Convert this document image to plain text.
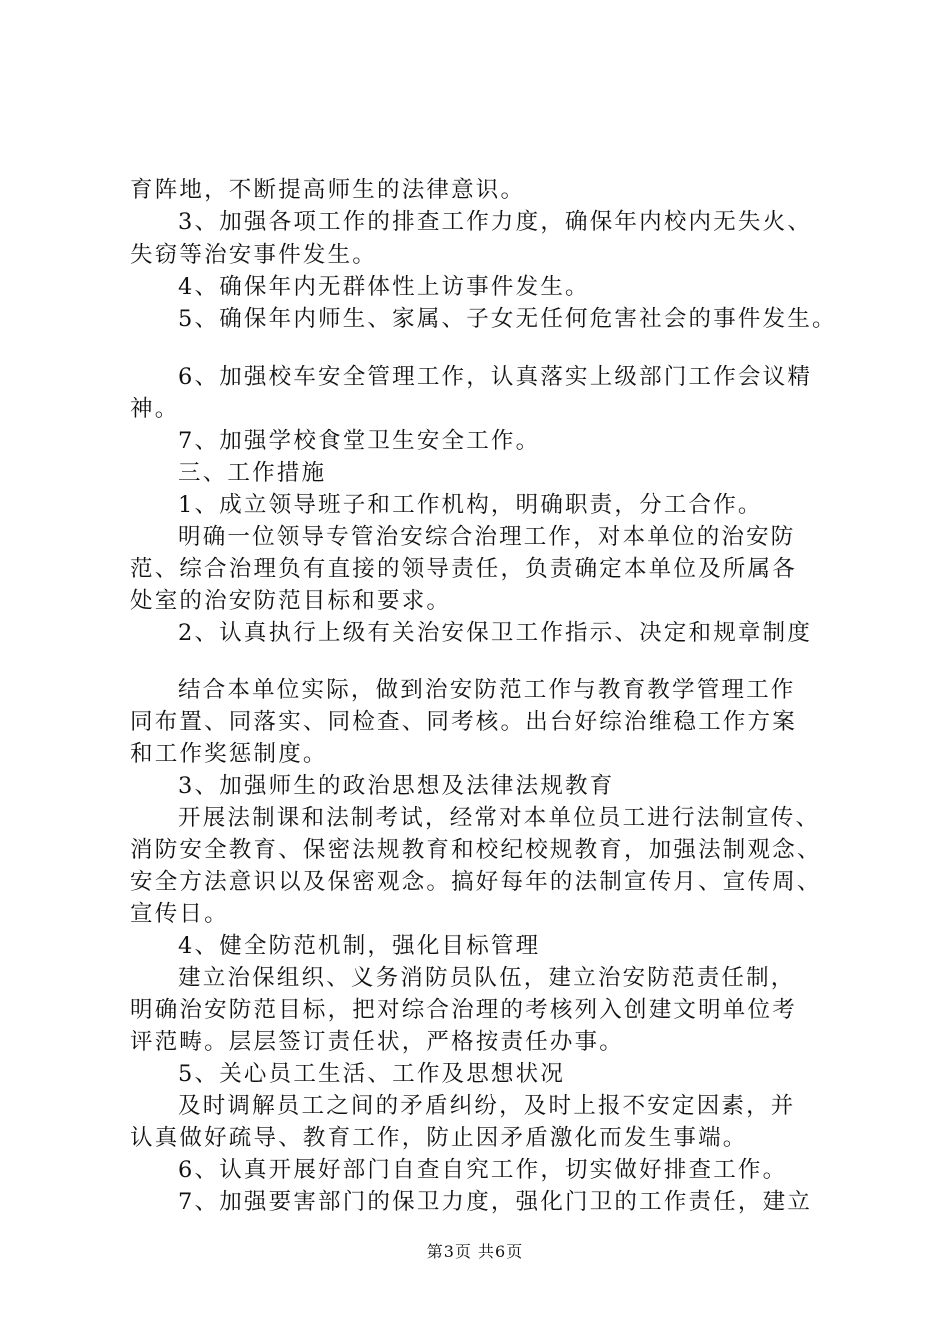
育阵地，不断提高师生的法律意识。
3、加强各项工作的排查工作力度，确保年内校内无失火、
失窃等治安事件发生。
4、确保年内无群体性上访事件发生。
5、确保年内师生、家属、子女无任何危害社会的事件发生。
6、加强校车安全管理工作，认真落实上级部门工作会议精
神。
7、加强学校食堂卫生安全工作。
三、工作措施
1、成立领导班子和工作机构，明确职责，分工合作。
明确一位领导专管治安综合治理工作，对本单位的治安防
范、综合治理负有直接的领导责任，负责确定本单位及所属各
处室的治安防范目标和要求。
2、认真执行上级有关治安保卫工作指示、决定和规章制度
结合本单位实际，做到治安防范工作与教育教学管理工作
同布置、同落实、同检查、同考核。出台好综治维稳工作方案
和工作奖惩制度。
3、加强师生的政治思想及法律法规教育
开展法制课和法制考试，经常对本单位员工进行法制宣传、
消防安全教育、保密法规教育和校纪校规教育，加强法制观念、
安全方法意识以及保密观念。搞好每年的法制宣传月、宣传周、
宣传日。
4、健全防范机制，强化目标管理
建立治保组织、义务消防员队伍，建立治安防范责任制，
明确治安防范目标，把对综合治理的考核列入创建文明单位考
评范畴。层层签订责任状，严格按责任办事。
5、关心员工生活、工作及思想状况
及时调解员工之间的矛盾纠纷，及时上报不安定因素，并
认真做好疏导、教育工作，防止因矛盾激化而发生事端。
6、认真开展好部门自查自究工作，切实做好排查工作。
7、加强要害部门的保卫力度，强化门卫的工作责任，建立
第3页 共6页
